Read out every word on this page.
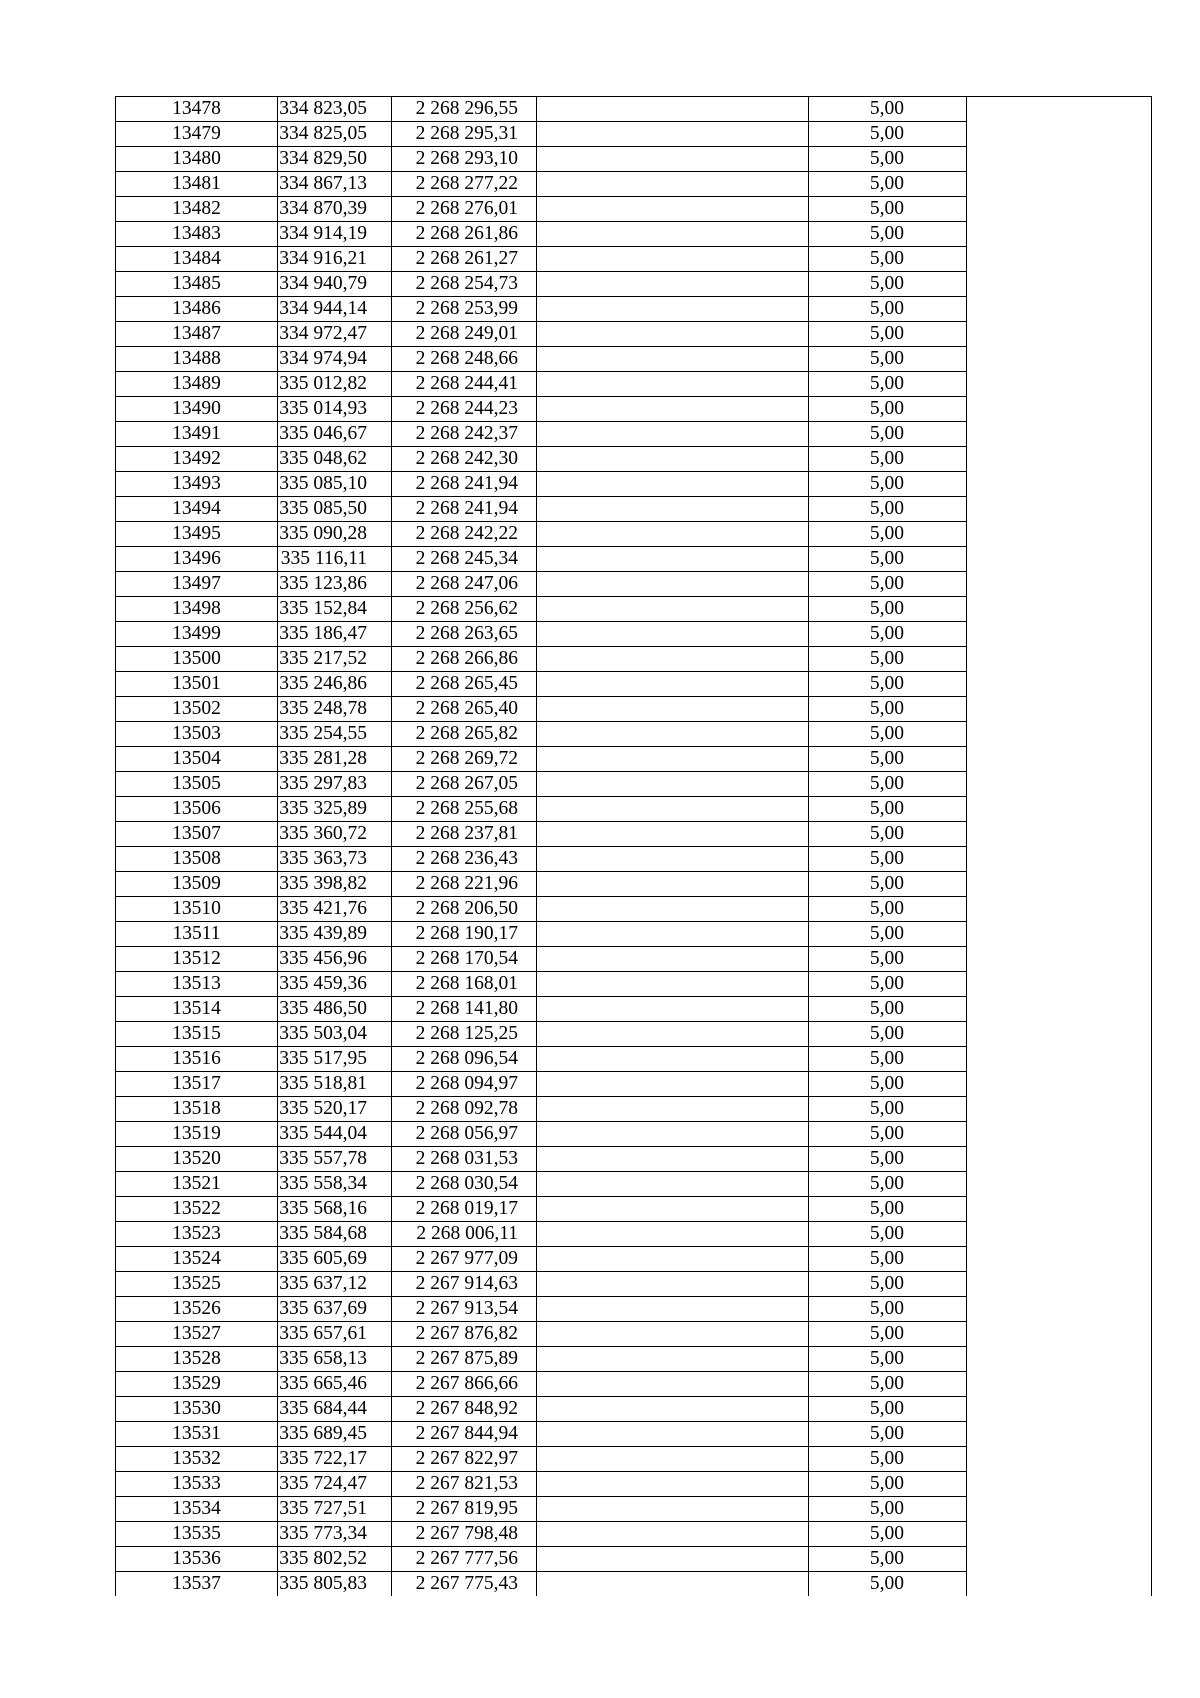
13478	334 823,05	2 268 296,55		5,00	
13479	334 825,05	2 268 295,31		5,00	
13480	334 829,50	2 268 293,10		5,00	
13481	334 867,13	2 268 277,22		5,00	
13482	334 870,39	2 268 276,01		5,00	
13483	334 914,19	2 268 261,86		5,00	
13484	334 916,21	2 268 261,27		5,00	
13485	334 940,79	2 268 254,73		5,00	
13486	334 944,14	2 268 253,99		5,00	
13487	334 972,47	2 268 249,01		5,00	
13488	334 974,94	2 268 248,66		5,00	
13489	335 012,82	2 268 244,41		5,00	
13490	335 014,93	2 268 244,23		5,00	
13491	335 046,67	2 268 242,37		5,00	
13492	335 048,62	2 268 242,30		5,00	
13493	335 085,10	2 268 241,94		5,00	
13494	335 085,50	2 268 241,94		5,00	
13495	335 090,28	2 268 242,22		5,00	
13496	335 116,11	2 268 245,34		5,00	
13497	335 123,86	2 268 247,06		5,00	
13498	335 152,84	2 268 256,62		5,00	
13499	335 186,47	2 268 263,65		5,00	
13500	335 217,52	2 268 266,86		5,00	
13501	335 246,86	2 268 265,45		5,00	
13502	335 248,78	2 268 265,40		5,00	
13503	335 254,55	2 268 265,82		5,00	
13504	335 281,28	2 268 269,72		5,00	
13505	335 297,83	2 268 267,05		5,00	
13506	335 325,89	2 268 255,68		5,00	
13507	335 360,72	2 268 237,81		5,00	
13508	335 363,73	2 268 236,43		5,00	
13509	335 398,82	2 268 221,96		5,00	
13510	335 421,76	2 268 206,50		5,00	
13511	335 439,89	2 268 190,17		5,00	
13512	335 456,96	2 268 170,54		5,00	
13513	335 459,36	2 268 168,01		5,00	
13514	335 486,50	2 268 141,80		5,00	
13515	335 503,04	2 268 125,25		5,00	
13516	335 517,95	2 268 096,54		5,00	
13517	335 518,81	2 268 094,97		5,00	
13518	335 520,17	2 268 092,78		5,00	
13519	335 544,04	2 268 056,97		5,00	
13520	335 557,78	2 268 031,53		5,00	
13521	335 558,34	2 268 030,54		5,00	
13522	335 568,16	2 268 019,17		5,00	
13523	335 584,68	2 268 006,11		5,00	
13524	335 605,69	2 267 977,09		5,00	
13525	335 637,12	2 267 914,63		5,00	
13526	335 637,69	2 267 913,54		5,00	
13527	335 657,61	2 267 876,82		5,00	
13528	335 658,13	2 267 875,89		5,00	
13529	335 665,46	2 267 866,66		5,00	
13530	335 684,44	2 267 848,92		5,00	
13531	335 689,45	2 267 844,94		5,00	
13532	335 722,17	2 267 822,97		5,00	
13533	335 724,47	2 267 821,53		5,00	
13534	335 727,51	2 267 819,95		5,00	
13535	335 773,34	2 267 798,48		5,00	
13536	335 802,52	2 267 777,56		5,00	
13537	335 805,83	2 267 775,43		5,00	
